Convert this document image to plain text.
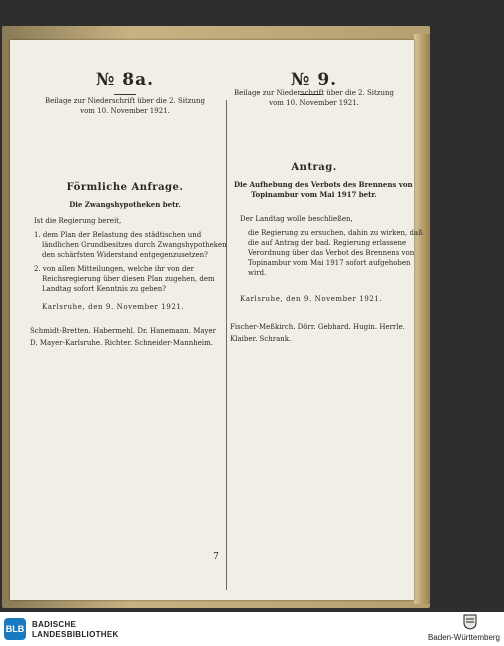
№ 8a.
Beilage zur Niederschrift über die 2. Sitzung
vom 10. November 1921.
Förmliche Anfrage.
Die Zwangshypotheken betr.
Ist die Regierung bereit,
1. dem Plan der Belastung des städtischen und
ländlichen Grundbesitzes durch Zwangshypotheken
den schärfsten Widerstand entgegenzusetzen?
2. von allen Mitteilungen, welche ihr von der
Reichsregierung über diesen Plan zugehen, dem
Landtag sofort Kenntnis zu geben?
Karlsruhe, den 9. November 1921.
Schmidt-Bretten. Habermehl. Dr. Hanemann. Mayer
D. Mayer-Karlsruhe. Richter. Schneider-Mannheim.
№ 9.
Beilage zur Niederschrift über die 2. Sitzung
vom 10. November 1921.
Antrag.
Die Aufhebung des Verbots des Brennens von
Topinambur vom Mai 1917 betr.
Der Landtag wolle beschließen,
die Regierung zu ersuchen, dahin zu wirken, daß
die auf Antrag der bad. Regierung erlassene
Verordnung über das Verbot des Brennens von
Topinambur vom Mai 1917 sofort aufgehoben
wird.
Karlsruhe, den 9. November 1921.
Fischer-Meßkirch. Dörr. Gebhard. Hugin. Herrle.
Klaiber. Schrank.
7
BLB BADISCHE
LANDESBIBLIOTHEK	Baden-Württemberg
